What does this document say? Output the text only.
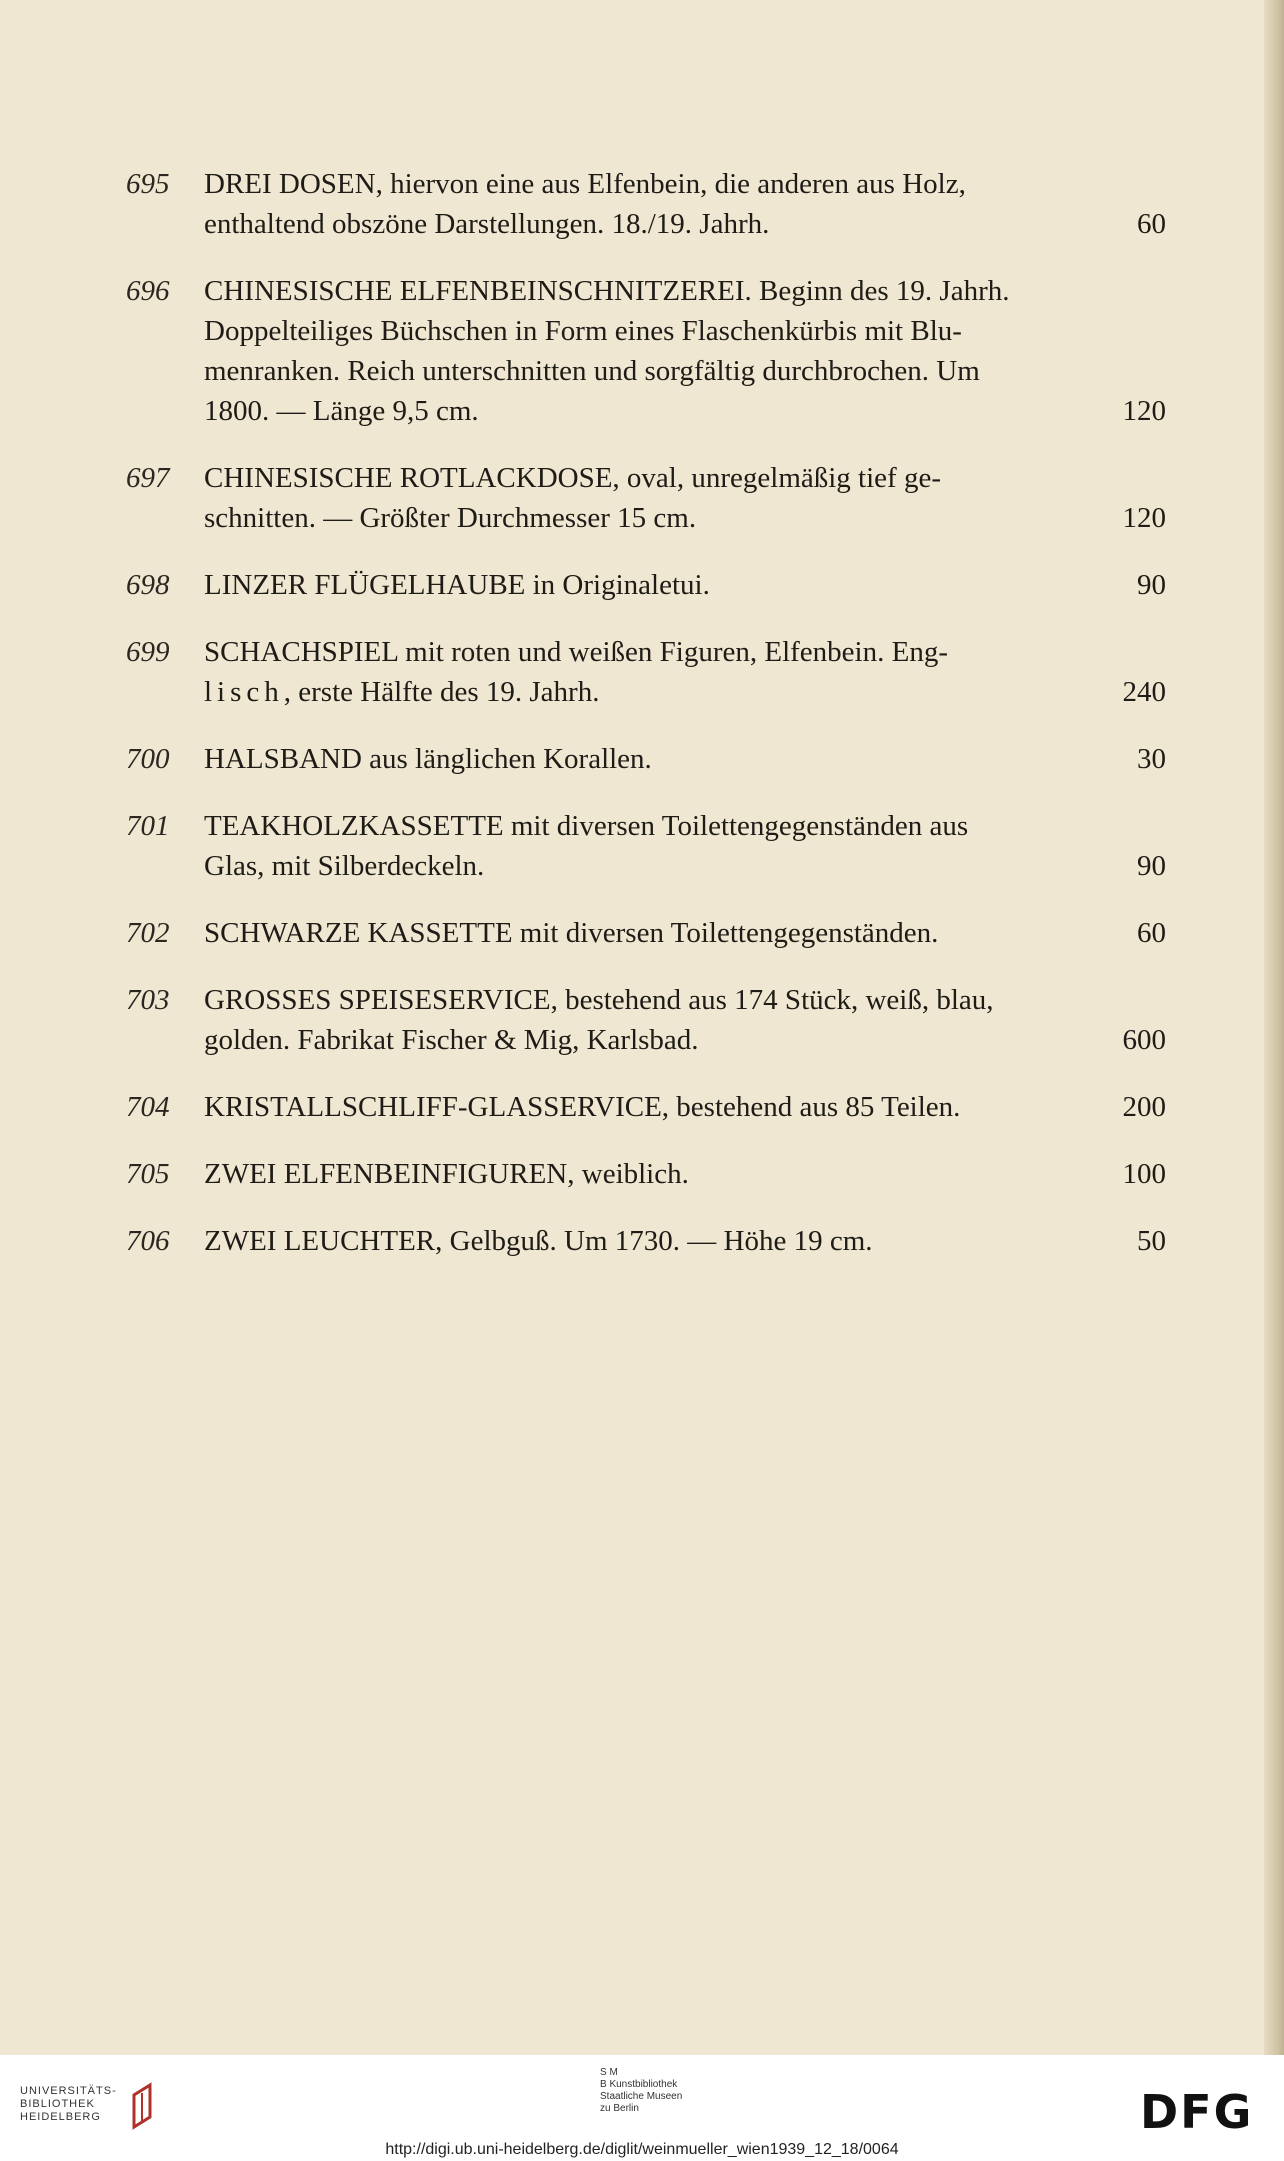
695	DREI DOSEN, hiervon eine aus Elfenbein, die anderen aus Holz,
enthaltend obszöne Darstellungen. 18./19. Jahrh.	60
696	CHINESISCHE ELFENBEINSCHNITZEREI. Beginn des 19. Jahrh.
Doppelteiliges Büchschen in Form eines Flaschenkürbis mit Blu-
menranken. Reich unterschnitten und sorgfältig durchbrochen. Um
1800. — Länge 9,5 cm.	120
697	CHINESISCHE ROTLACKDOSE, oval, unregelmäßig tief ge-
schnitten. — Größter Durchmesser 15 cm.	120
698	LINZER FLÜGELHAUBE in Originaletui.	90
699	SCHACHSPIEL mit roten und weißen Figuren, Elfenbein. Eng-
lisch, erste Hälfte des 19. Jahrh.	240
700	HALSBAND aus länglichen Korallen.	30
701	TEAKHOLZKASSETTE mit diversen Toilettengegenständen aus
Glas, mit Silberdeckeln.	90
702	SCHWARZE KASSETTE mit diversen Toilettengegenständen.	60
703	GROSSES SPEISESERVICE, bestehend aus 174 Stück, weiß, blau,
golden. Fabrikat Fischer & Mig, Karlsbad.	600
704	KRISTALLSCHLIFF-GLASSERVICE, bestehend aus 85 Teilen.	200
705	ZWEI ELFENBEINFIGUREN, weiblich.	100
706	ZWEI LEUCHTER, Gelbguß. Um 1730. — Höhe 19 cm.	50
UNIVERSITÄTS-
BIBLIOTHEK
HEIDELBERG
S M
B Kunstbibliothek
Staatliche Museen
zu Berlin	DFG
http://digi.ub.uni-heidelberg.de/diglit/weinmueller_wien1939_12_18/0064
